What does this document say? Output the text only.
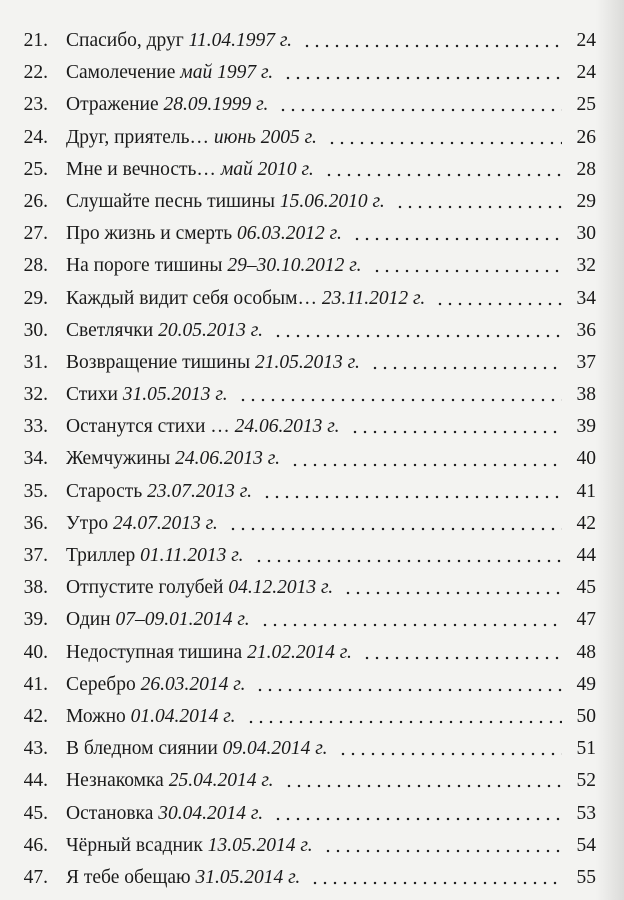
21. Спасибо, друг 11.04.1997 г.	24
22. Самолечение май 1997 г.	24
23. Отражение 28.09.1999 г.	25
24. Друг, приятель… июнь 2005 г.	26
25. Мне и вечность… май 2010 г.	28
26. Слушайте песнь тишины 15.06.2010 г.	29
27. Про жизнь и смерть 06.03.2012 г.	30
28. На пороге тишины 29–30.10.2012 г.	32
29. Каждый видит себя особым… 23.11.2012 г.	34
30. Светлячки 20.05.2013 г.	36
31. Возвращение тишины 21.05.2013 г.	37
32. Стихи 31.05.2013 г.	38
33. Останутся стихи … 24.06.2013 г.	39
34. Жемчужины 24.06.2013 г.	40
35. Старость 23.07.2013 г.	41
36. Утро 24.07.2013 г.	42
37. Триллер 01.11.2013 г.	44
38. Отпустите голубей 04.12.2013 г.	45
39. Один 07–09.01.2014 г.	47
40. Недоступная тишина 21.02.2014 г.	48
41. Серебро 26.03.2014 г.	49
42. Можно 01.04.2014 г.	50
43. В бледном сиянии 09.04.2014 г.	51
44. Незнакомка 25.04.2014 г.	52
45. Остановка 30.04.2014 г.	53
46. Чёрный всадник 13.05.2014 г.	54
47. Я тебе обещаю 31.05.2014 г.	55
